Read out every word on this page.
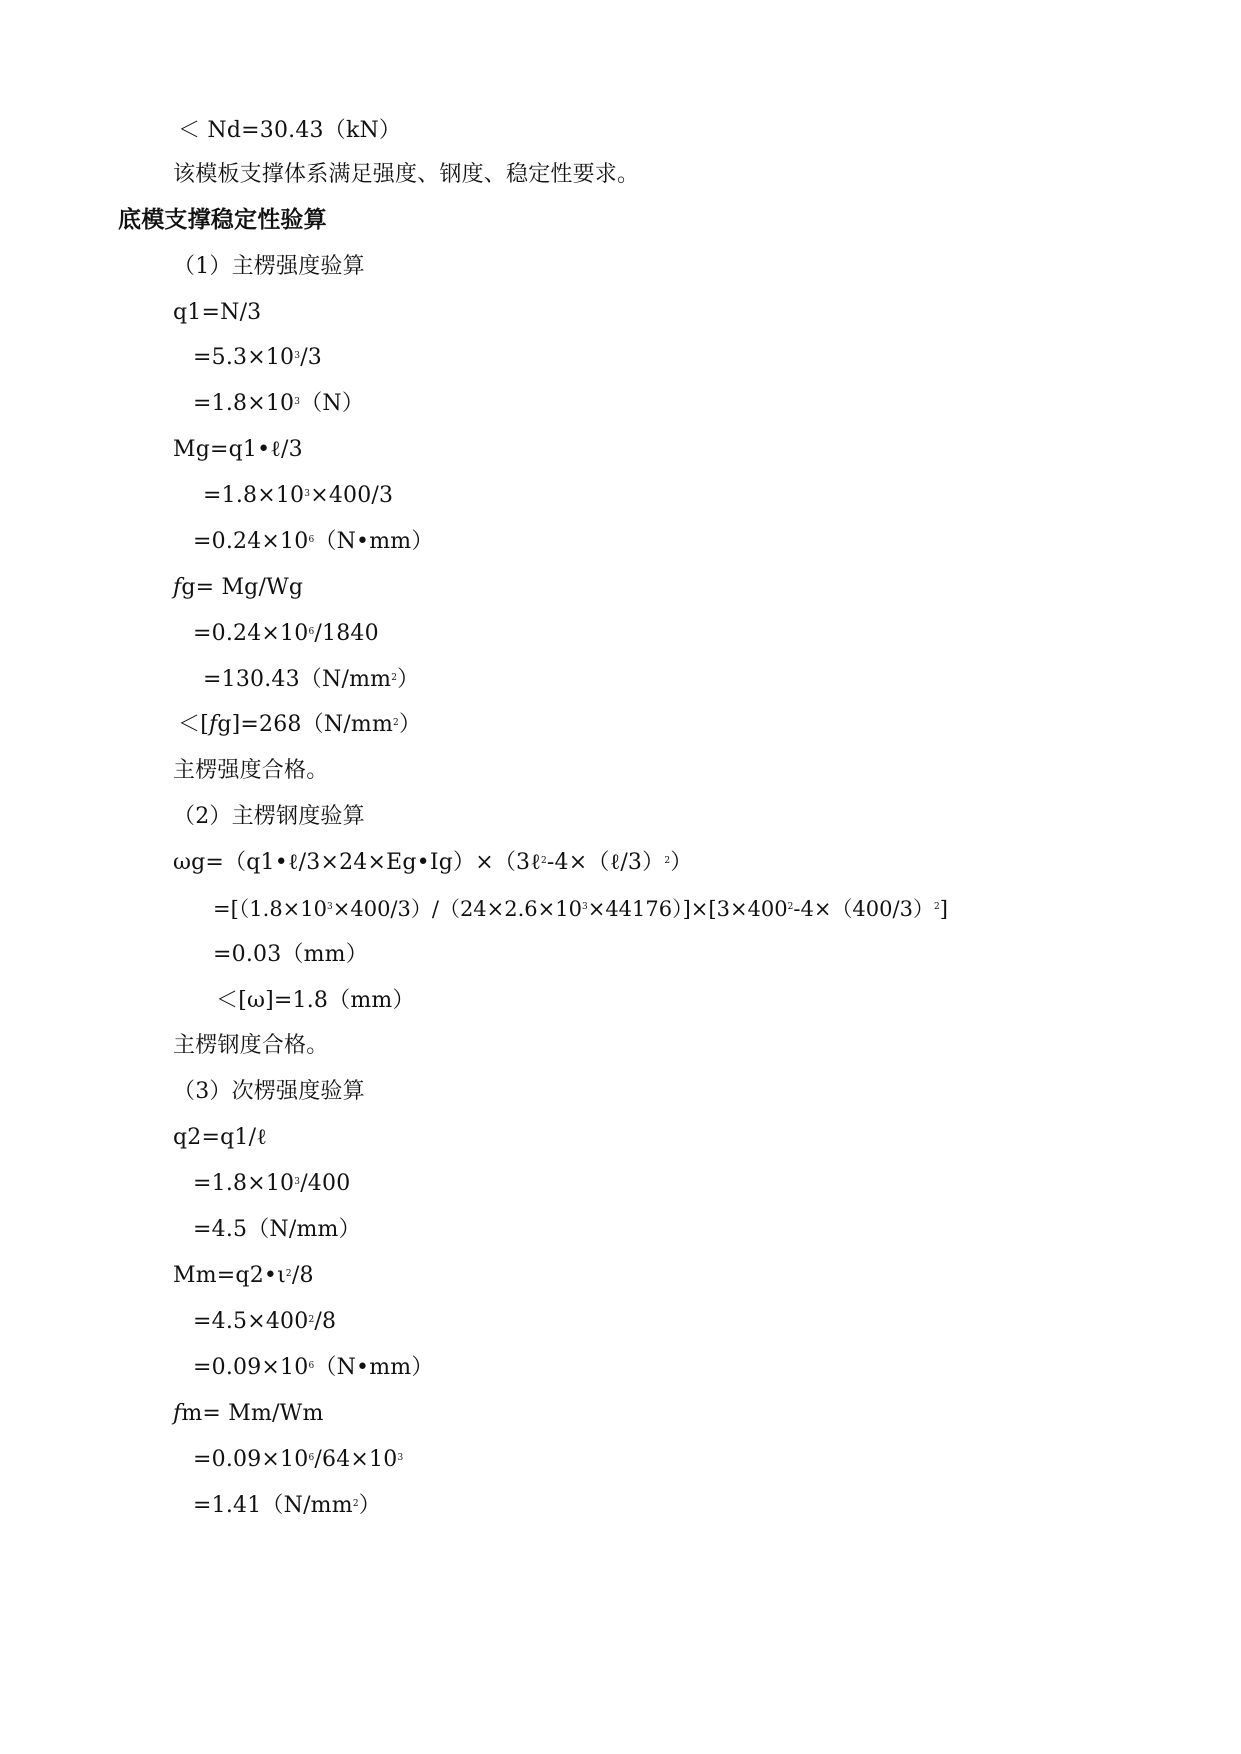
＜ Nd=30.43（kN）
该模板支撑体系满足强度、钢度、稳定性要求。
底模支撑稳定性验算
（1）主楞强度验算
q1=N/3
$=5.3\times 10^3/3$
$=1.8\times 10^3(N)$
Mg=q1•ℓ/3
$=1.8\times 10^3\times 400/3$
$=0.24\times 10^6(N•mm)$
fg= Mg/Wg
$=0.24\times 10^6/1840$
$=130.43(N/mm^2)$
$<[fg]=268(N/mm^2)$
主楞强度合格。
（2）主楞钢度验算
ωg=（q1•ℓ/3×24×Eg•Ig）×（3ℓ$^2$-4×（ℓ/3）$^2$）
$=[(1.8\times 10^3\times 400/3)/(24\times 2.6\times 10^3\times 44176)]\times[3\times 400^2-4\times(400/3)^2]$
=0.03（mm）
＜[ω]=1.8（mm）
主楞钢度合格。
（3）次楞强度验算
q2=q1/ℓ
$=1.8\times 10^3/400$
=4.5（N/mm）
$Mm=q2•\iota^2/8$
$=4.5\times 400^2/8$
$=0.09\times 10^6(N•mm)$
fm= Mm/Wm
$=0.09\times 10^6/64\times 10^3$
$=1.41(N/mm^2)$
